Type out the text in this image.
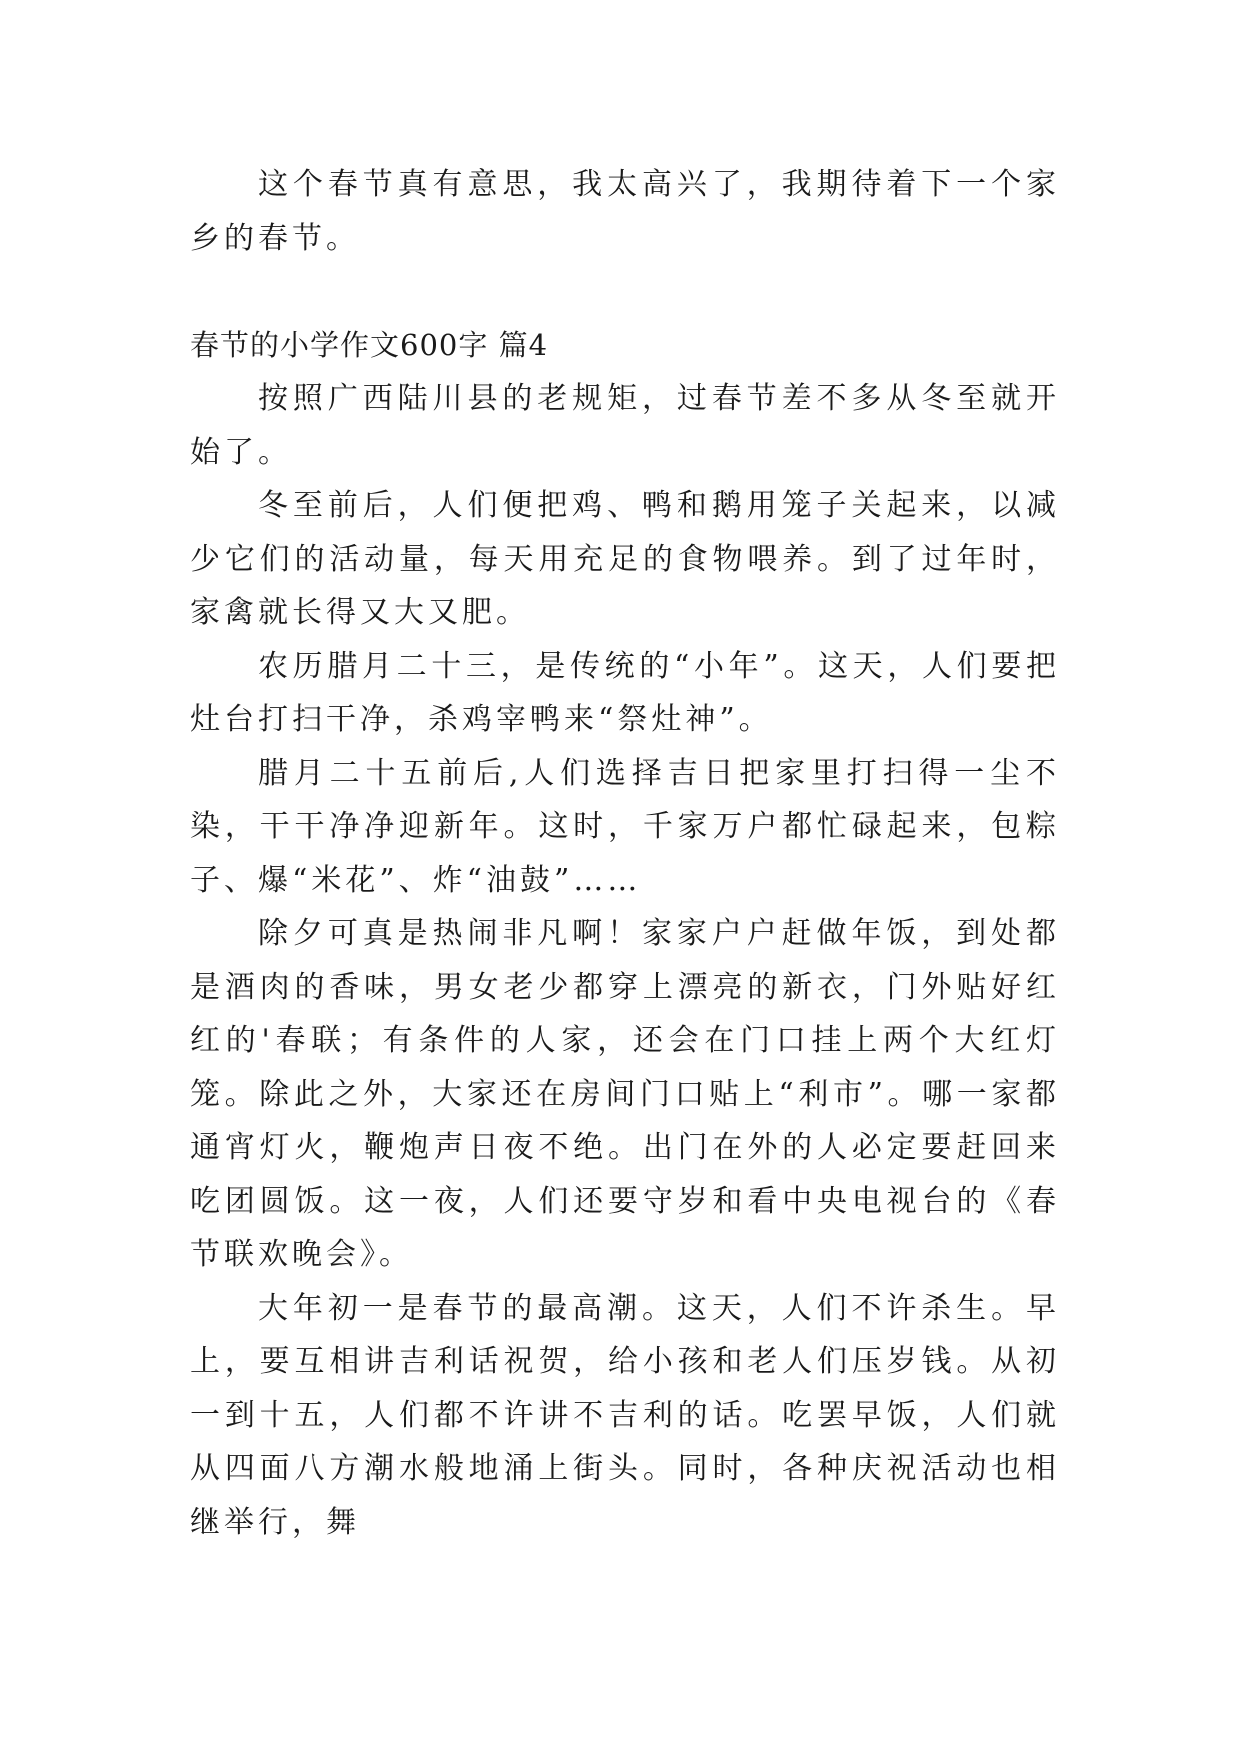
这个春节真有意思，我太高兴了，我期待着下一个家乡的春节。

春节的小学作文600字 篇4

按照广西陆川县的老规矩，过春节差不多从冬至就开始了。

冬至前后，人们便把鸡、鸭和鹅用笼子关起来，以减少它们的活动量，每天用充足的食物喂养。到了过年时，家禽就长得又大又肥。

农历腊月二十三，是传统的“小年”。这天，人们要把灶台打扫干净，杀鸡宰鸭来“祭灶神”。

腊月二十五前后,人们选择吉日把家里打扫得一尘不染，干干净净迎新年。这时，千家万户都忙碌起来，包粽子、爆“米花”、炸“油鼓”……

除夕可真是热闹非凡啊！家家户户赶做年饭，到处都是酒肉的香味，男女老少都穿上漂亮的新衣，门外贴好红红的'春联；有条件的人家，还会在门口挂上两个大红灯笼。除此之外，大家还在房间门口贴上“利市”。哪一家都通宵灯火，鞭炮声日夜不绝。出门在外的人必定要赶回来吃团圆饭。这一夜，人们还要守岁和看中央电视台的《春节联欢晚会》。

大年初一是春节的最高潮。这天，人们不许杀生。早上，要互相讲吉利话祝贺，给小孩和老人们压岁钱。从初一到十五，人们都不许讲不吉利的话。吃罢早饭，人们就从四面八方潮水般地涌上街头。同时，各种庆祝活动也相继举行，舞
